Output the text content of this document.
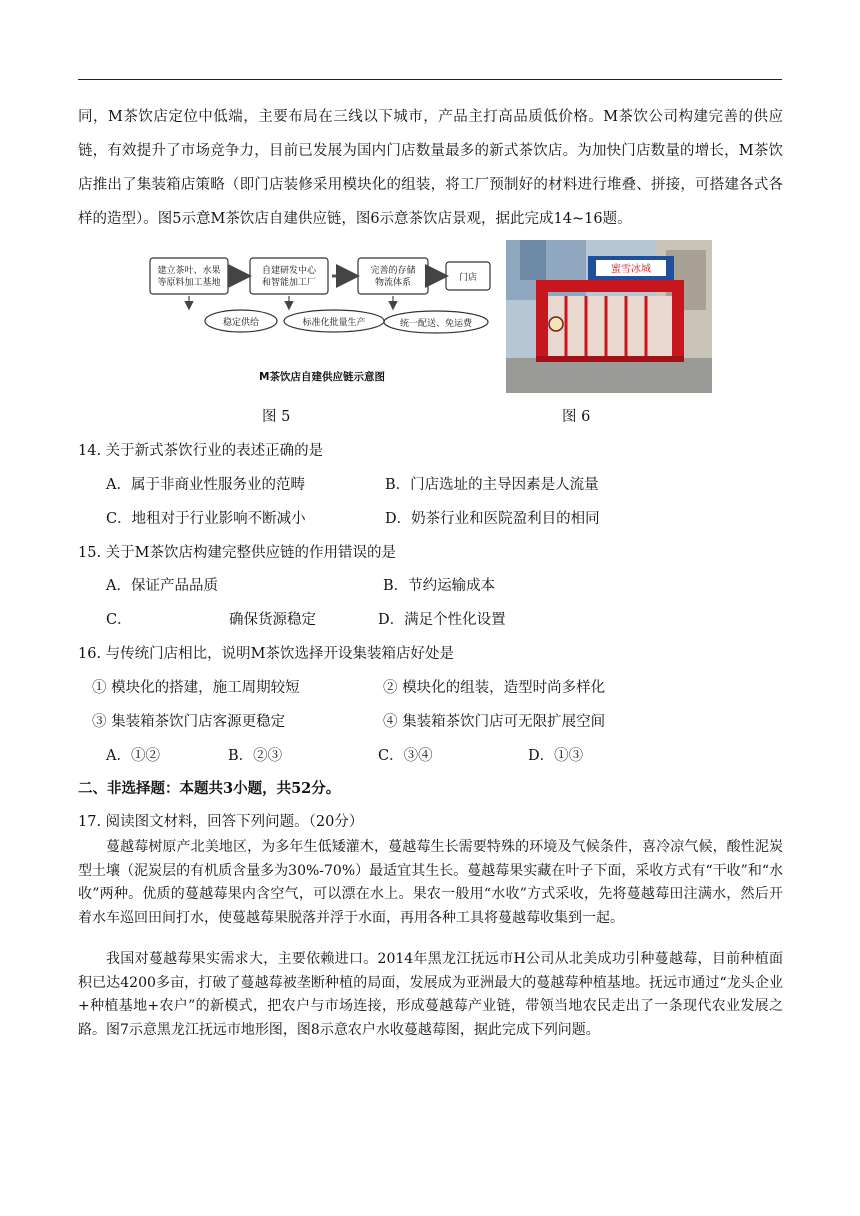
同，M茶饮店定位中低端，主要布局在三线以下城市，产品主打高品质低价格。M茶饮公司构建完善的供应链，有效提升了市场竞争力，目前已发展为国内门店数量最多的新式茶饮店。为加快门店数量的增长，M茶饮店推出了集装箱店策略（即门店装修采用模块化的组装，将工厂预制好的材料进行堆叠、拼接，可搭建各式各样的造型）。图5示意M茶饮店自建供应链，图6示意茶饮店景观，据此完成14~16题。
建立茶叶、水果
等原料加工基地
自建研发中心
和智能加工厂
完善的存储
物流体系	门店
稳定供给	标准化批量生产	统一配送、免运费
M茶饮店自建供应链示意图
蜜雪冰城
图 5	图 6
14. 关于新式茶饮行业的表述正确的是
A．属于非商业性服务业的范畴	B．门店选址的主导因素是人流量
C．地租对于行业影响不断减小	D．奶茶行业和医院盈利目的相同
15. 关于M茶饮店构建完整供应链的作用错误的是
A．保证产品品质	B．节约运输成本
C．	确保货源稳定	D．满足个性化设置
16. 与传统门店相比，说明M茶饮选择开设集装箱店好处是
① 模块化的搭建，施工周期较短	② 模块化的组装，造型时尚多样化
③ 集装箱茶饮门店客源更稳定	④ 集装箱茶饮门店可无限扩展空间
A．①②	B．②③	C．③④	D．①③
二、非选择题：本题共3小题，共52分。
17. 阅读图文材料，回答下列问题。（20分）
蔓越莓树原产北美地区，为多年生低矮灌木，蔓越莓生长需要特殊的环境及气候条件，喜冷凉气候，酸性泥炭型土壤（泥炭层的有机质含量多为30%-70%）最适宜其生长。蔓越莓果实藏在叶子下面，采收方式有“干收”和“水收”两种。优质的蔓越莓果内含空气，可以漂在水上。果农一般用“水收”方式采收，先将蔓越莓田注满水，然后开着水车巡回田间打水，使蔓越莓果脱落并浮于水面，再用各种工具将蔓越莓收集到一起。
我国对蔓越莓果实需求大，主要依赖进口。2014年黑龙江抚远市H公司从北美成功引种蔓越莓，目前种植面积已达4200多亩，打破了蔓越莓被垄断种植的局面，发展成为亚洲最大的蔓越莓种植基地。抚远市通过“龙头企业+种植基地+农户”的新模式，把农户与市场连接，形成蔓越莓产业链，带领当地农民走出了一条现代农业发展之路。图7示意黑龙江抚远市地形图，图8示意农户水收蔓越莓图，据此完成下列问题。
